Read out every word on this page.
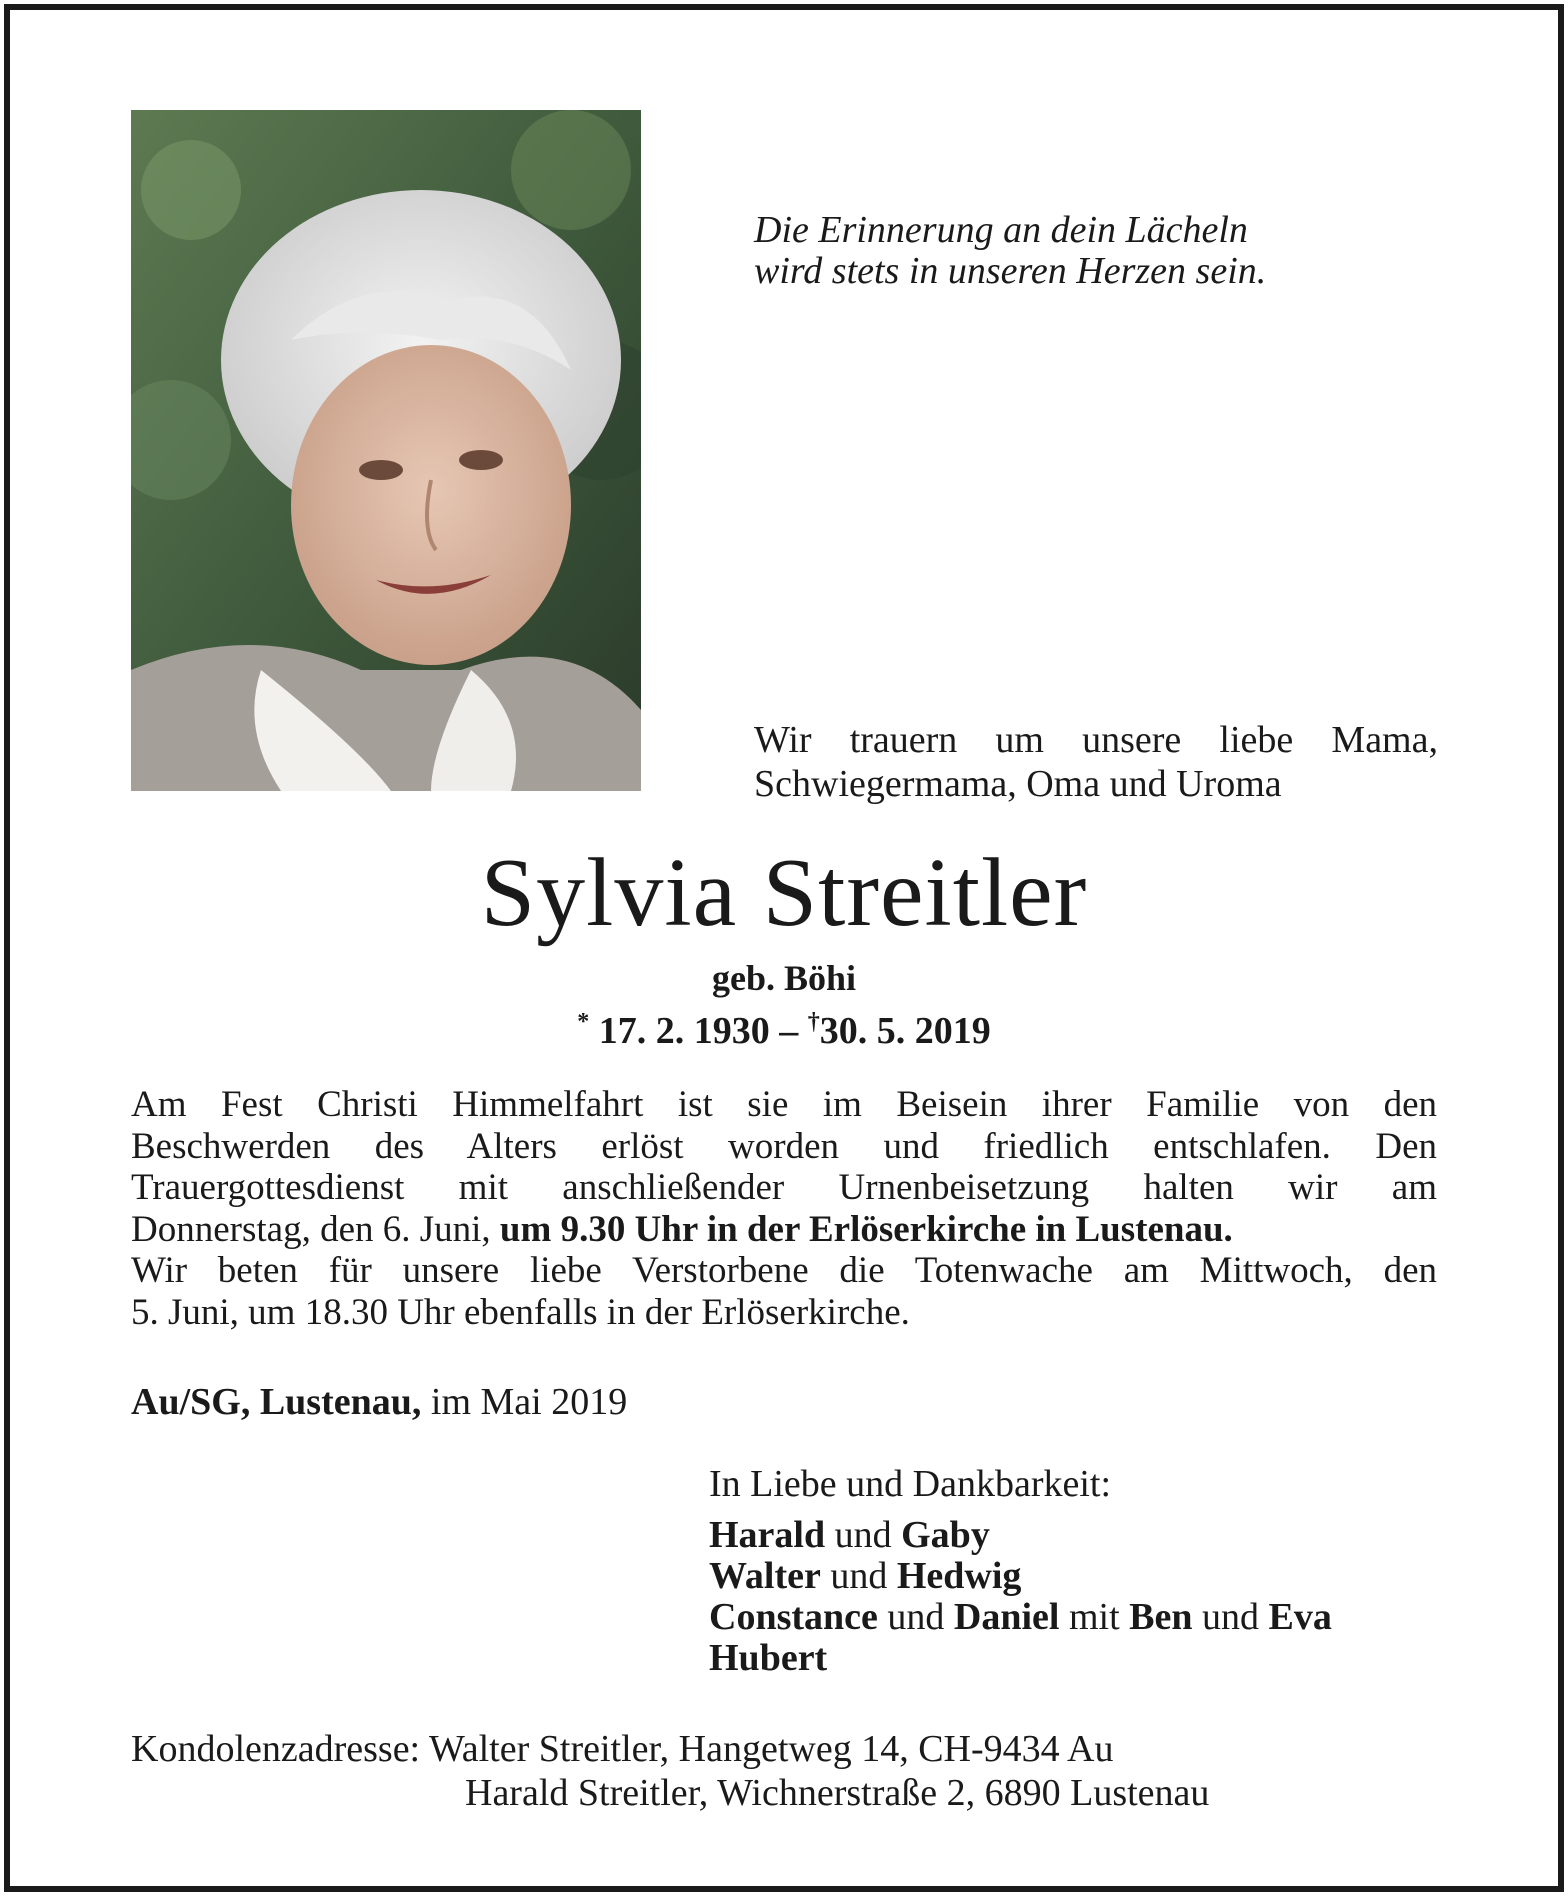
Die Erinnerung an dein Lächeln
wird stets in unseren Herzen sein.
Wir trauern um unsere liebe Mama,
Schwiegermama, Oma und Uroma
Sylvia Streitler
geb. Böhi
* 17. 2. 1930 – †30. 5. 2019
Am Fest Christi Himmelfahrt ist sie im Beisein ihrer Familie von den
Beschwerden des Alters erlöst worden und friedlich entschlafen. Den
Trauergottesdienst mit anschließender Urnenbeisetzung halten wir am
Donnerstag, den 6. Juni, um 9.30 Uhr in der Erlöserkirche in Lustenau.
Wir beten für unsere liebe Verstorbene die Totenwache am Mittwoch, den
5. Juni, um 18.30 Uhr ebenfalls in der Erlöserkirche.
Au/SG, Lustenau, im Mai 2019
In Liebe und Dankbarkeit:
Harald und Gaby
Walter und Hedwig
Constance und Daniel mit Ben und Eva
Hubert
Kondolenzadresse: Walter Streitler, Hangetweg 14, CH-9434 Au
Harald Streitler, Wichnerstraße 2, 6890 Lustenau
